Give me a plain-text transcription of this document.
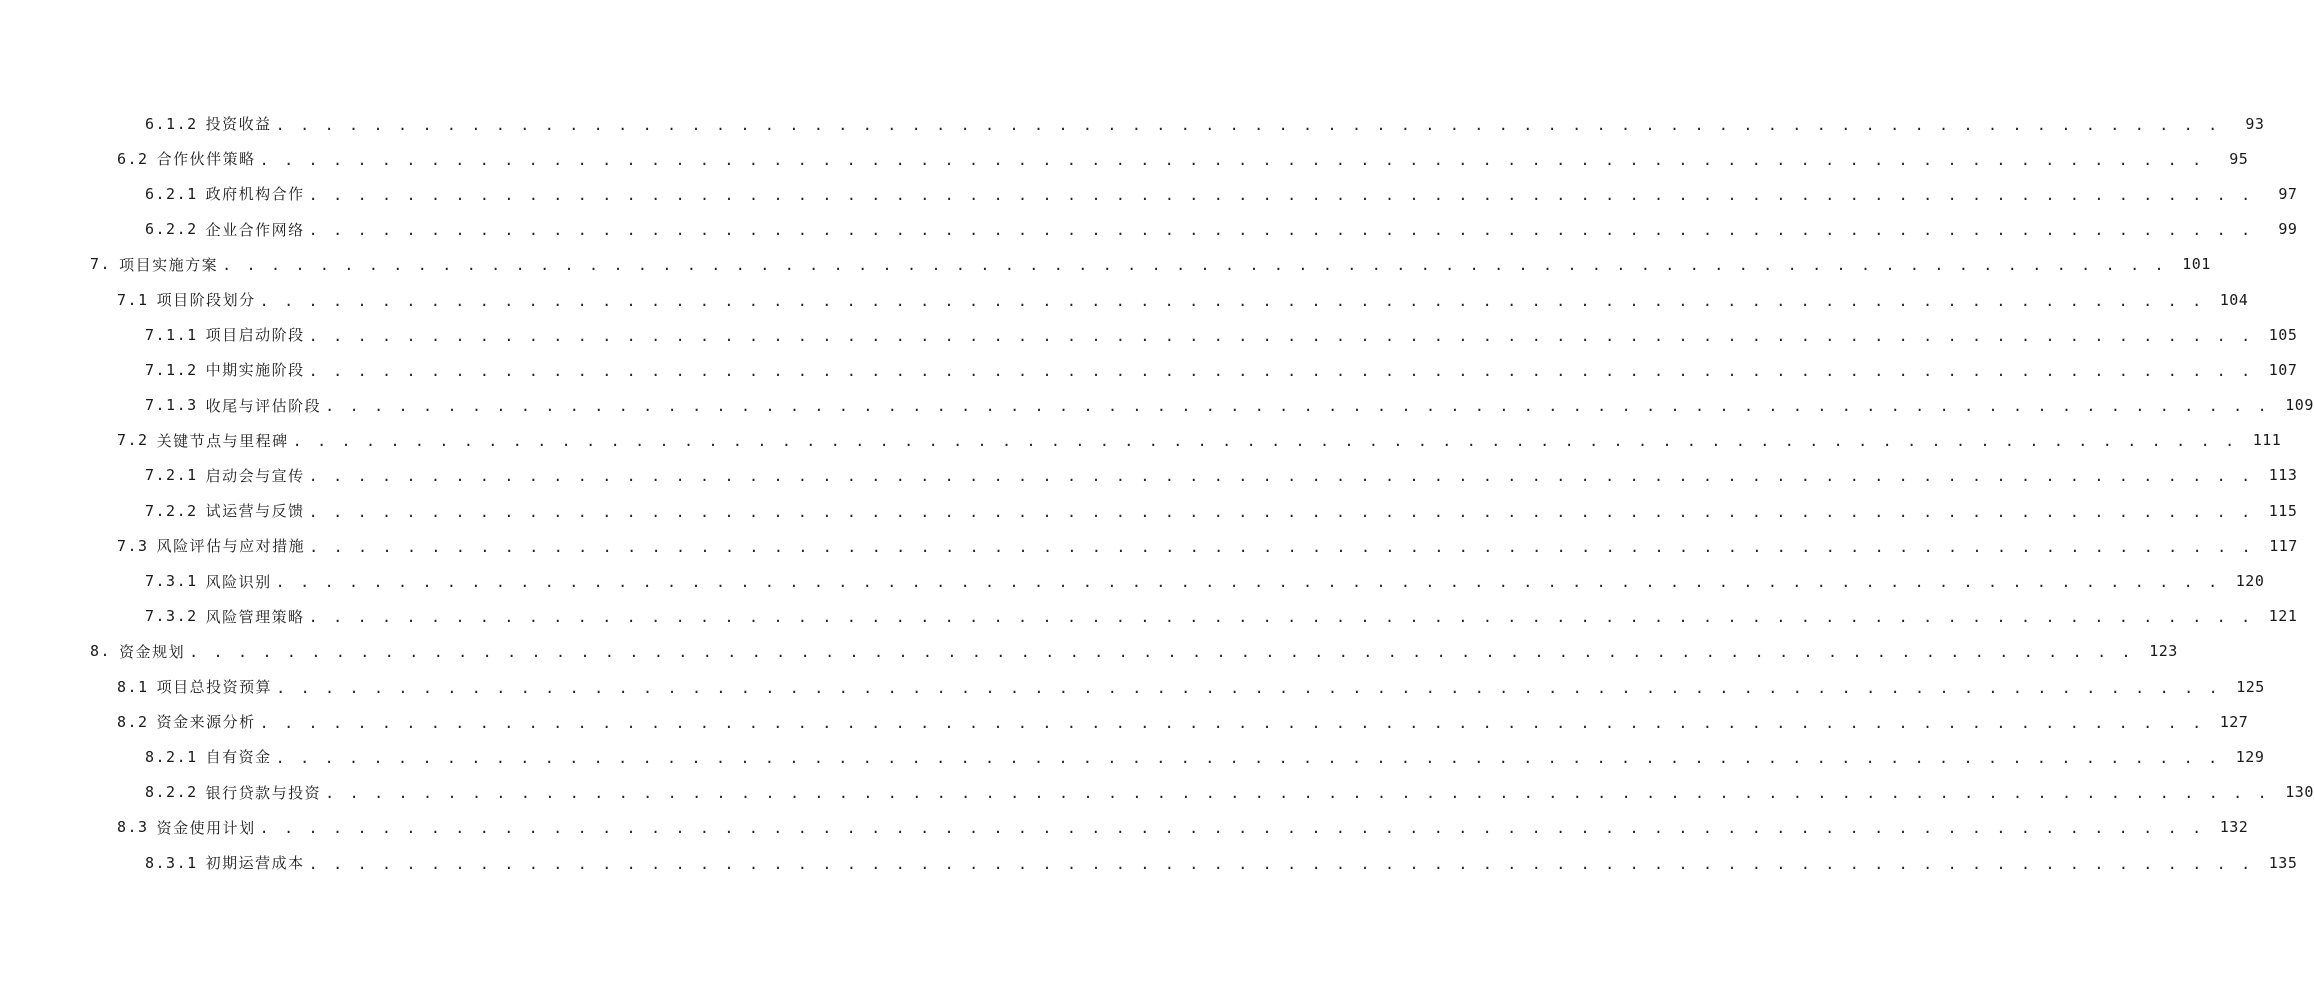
6.1.2 投资收益 . . . . . . . . . . . . . . . . . . . . . . . . . . . . . . . . . . . . . . . . . . . . . . . . . . . . . . . . . . . . . . . . . . . . . . . . . . . . . . . .	93
6.2 合作伙伴策略 . . . . . . . . . . . . . . . . . . . . . . . . . . . . . . . . . . . . . . . . . . . . . . . . . . . . . . . . . . . . . . . . . . . . . . . . . . . . . . . .	95
6.2.1 政府机构合作 . . . . . . . . . . . . . . . . . . . . . . . . . . . . . . . . . . . . . . . . . . . . . . . . . . . . . . . . . . . . . . . . . . . . . . . . . . . . . . . .	97
6.2.2 企业合作网络 . . . . . . . . . . . . . . . . . . . . . . . . . . . . . . . . . . . . . . . . . . . . . . . . . . . . . . . . . . . . . . . . . . . . . . . . . . . . . . . .	99
7. 项目实施方案 . . . . . . . . . . . . . . . . . . . . . . . . . . . . . . . . . . . . . . . . . . . . . . . . . . . . . . . . . . . . . . . . . . . . . . . . . . . . . . . .	101
7.1 项目阶段划分 . . . . . . . . . . . . . . . . . . . . . . . . . . . . . . . . . . . . . . . . . . . . . . . . . . . . . . . . . . . . . . . . . . . . . . . . . . . . . . . .	104
7.1.1 项目启动阶段 . . . . . . . . . . . . . . . . . . . . . . . . . . . . . . . . . . . . . . . . . . . . . . . . . . . . . . . . . . . . . . . . . . . . . . . . . . . . . . . .	105
7.1.2 中期实施阶段 . . . . . . . . . . . . . . . . . . . . . . . . . . . . . . . . . . . . . . . . . . . . . . . . . . . . . . . . . . . . . . . . . . . . . . . . . . . . . . . .	107
7.1.3 收尾与评估阶段 . . . . . . . . . . . . . . . . . . . . . . . . . . . . . . . . . . . . . . . . . . . . . . . . . . . . . . . . . . . . . . . . . . . . . . . . . . . . . . . .	109
7.2 关键节点与里程碑 . . . . . . . . . . . . . . . . . . . . . . . . . . . . . . . . . . . . . . . . . . . . . . . . . . . . . . . . . . . . . . . . . . . . . . . . . . . . . . . .	111
7.2.1 启动会与宣传 . . . . . . . . . . . . . . . . . . . . . . . . . . . . . . . . . . . . . . . . . . . . . . . . . . . . . . . . . . . . . . . . . . . . . . . . . . . . . . . .	113
7.2.2 试运营与反馈 . . . . . . . . . . . . . . . . . . . . . . . . . . . . . . . . . . . . . . . . . . . . . . . . . . . . . . . . . . . . . . . . . . . . . . . . . . . . . . . .	115
7.3 风险评估与应对措施 . . . . . . . . . . . . . . . . . . . . . . . . . . . . . . . . . . . . . . . . . . . . . . . . . . . . . . . . . . . . . . . . . . . . . . . . . . . . . . . .	117
7.3.1 风险识别 . . . . . . . . . . . . . . . . . . . . . . . . . . . . . . . . . . . . . . . . . . . . . . . . . . . . . . . . . . . . . . . . . . . . . . . . . . . . . . . .	120
7.3.2 风险管理策略 . . . . . . . . . . . . . . . . . . . . . . . . . . . . . . . . . . . . . . . . . . . . . . . . . . . . . . . . . . . . . . . . . . . . . . . . . . . . . . . .	121
8. 资金规划 . . . . . . . . . . . . . . . . . . . . . . . . . . . . . . . . . . . . . . . . . . . . . . . . . . . . . . . . . . . . . . . . . . . . . . . . . . . . . . . .	123
8.1 项目总投资预算 . . . . . . . . . . . . . . . . . . . . . . . . . . . . . . . . . . . . . . . . . . . . . . . . . . . . . . . . . . . . . . . . . . . . . . . . . . . . . . . .	125
8.2 资金来源分析 . . . . . . . . . . . . . . . . . . . . . . . . . . . . . . . . . . . . . . . . . . . . . . . . . . . . . . . . . . . . . . . . . . . . . . . . . . . . . . . .	127
8.2.1 自有资金 . . . . . . . . . . . . . . . . . . . . . . . . . . . . . . . . . . . . . . . . . . . . . . . . . . . . . . . . . . . . . . . . . . . . . . . . . . . . . . . .	129
8.2.2 银行贷款与投资 . . . . . . . . . . . . . . . . . . . . . . . . . . . . . . . . . . . . . . . . . . . . . . . . . . . . . . . . . . . . . . . . . . . . . . . . . . . . . . . .	130
8.3 资金使用计划 . . . . . . . . . . . . . . . . . . . . . . . . . . . . . . . . . . . . . . . . . . . . . . . . . . . . . . . . . . . . . . . . . . . . . . . . . . . . . . . .	132
8.3.1 初期运营成本 . . . . . . . . . . . . . . . . . . . . . . . . . . . . . . . . . . . . . . . . . . . . . . . . . . . . . . . . . . . . . . . . . . . . . . . . . . . . . . . .	135
